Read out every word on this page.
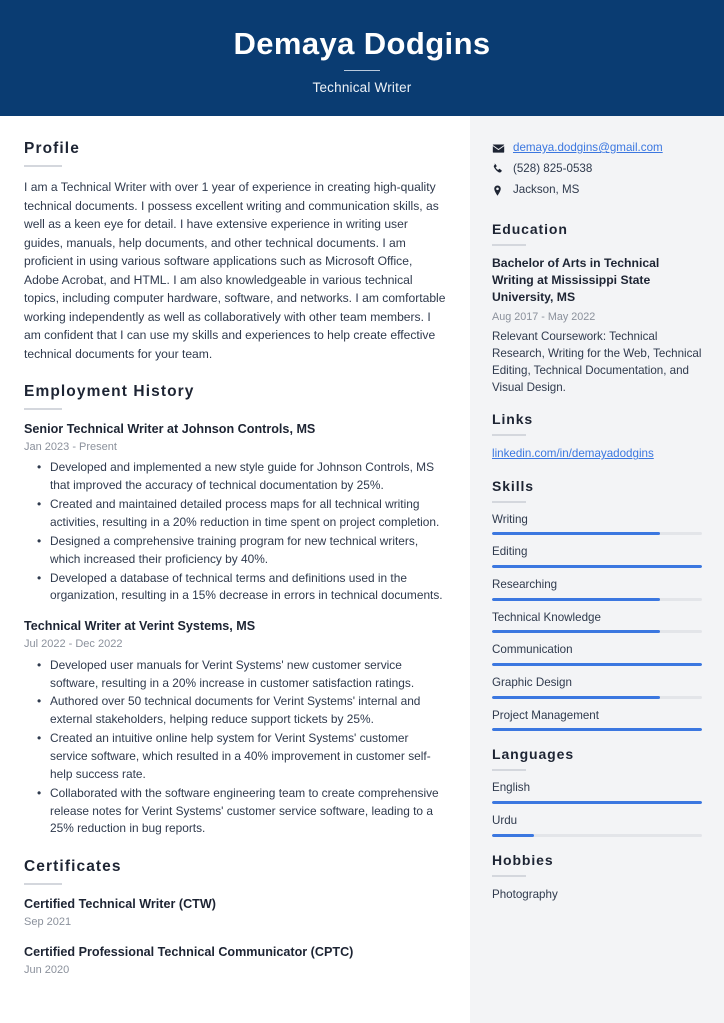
Demaya Dodgins
Technical Writer
Profile
I am a Technical Writer with over 1 year of experience in creating high-quality technical documents. I possess excellent writing and communication skills, as well as a keen eye for detail. I have extensive experience in writing user guides, manuals, help documents, and other technical documents. I am proficient in using various software applications such as Microsoft Office, Adobe Acrobat, and HTML. I am also knowledgeable in various technical topics, including computer hardware, software, and networks. I am comfortable working independently as well as collaboratively with other team members. I am confident that I can use my skills and experiences to help create effective technical documents for your team.
Employment History
Senior Technical Writer at Johnson Controls, MS
Jan 2023 - Present
• Developed and implemented a new style guide for Johnson Controls, MS that improved the accuracy of technical documentation by 25%.
• Created and maintained detailed process maps for all technical writing activities, resulting in a 20% reduction in time spent on project completion.
• Designed a comprehensive training program for new technical writers, which increased their proficiency by 40%.
• Developed a database of technical terms and definitions used in the organization, resulting in a 15% decrease in errors in technical documents.
Technical Writer at Verint Systems, MS
Jul 2022 - Dec 2022
• Developed user manuals for Verint Systems' new customer service software, resulting in a 20% increase in customer satisfaction ratings.
• Authored over 50 technical documents for Verint Systems' internal and external stakeholders, helping reduce support tickets by 25%.
• Created an intuitive online help system for Verint Systems' customer service software, which resulted in a 40% improvement in customer self-help success rate.
• Collaborated with the software engineering team to create comprehensive release notes for Verint Systems' customer service software, leading to a 25% reduction in bug reports.
Certificates
Certified Technical Writer (CTW)
Sep 2021
Certified Professional Technical Communicator (CPTC)
Jun 2020
demaya.dodgins@gmail.com
(528) 825-0538
Jackson, MS
Education
Bachelor of Arts in Technical Writing at Mississippi State University, MS
Aug 2017 - May 2022
Relevant Coursework: Technical Research, Writing for the Web, Technical Editing, Technical Documentation, and Visual Design.
Links
linkedin.com/in/demayadodgins
Skills
Writing
Editing
Researching
Technical Knowledge
Communication
Graphic Design
Project Management
Languages
English
Urdu
Hobbies
Photography
